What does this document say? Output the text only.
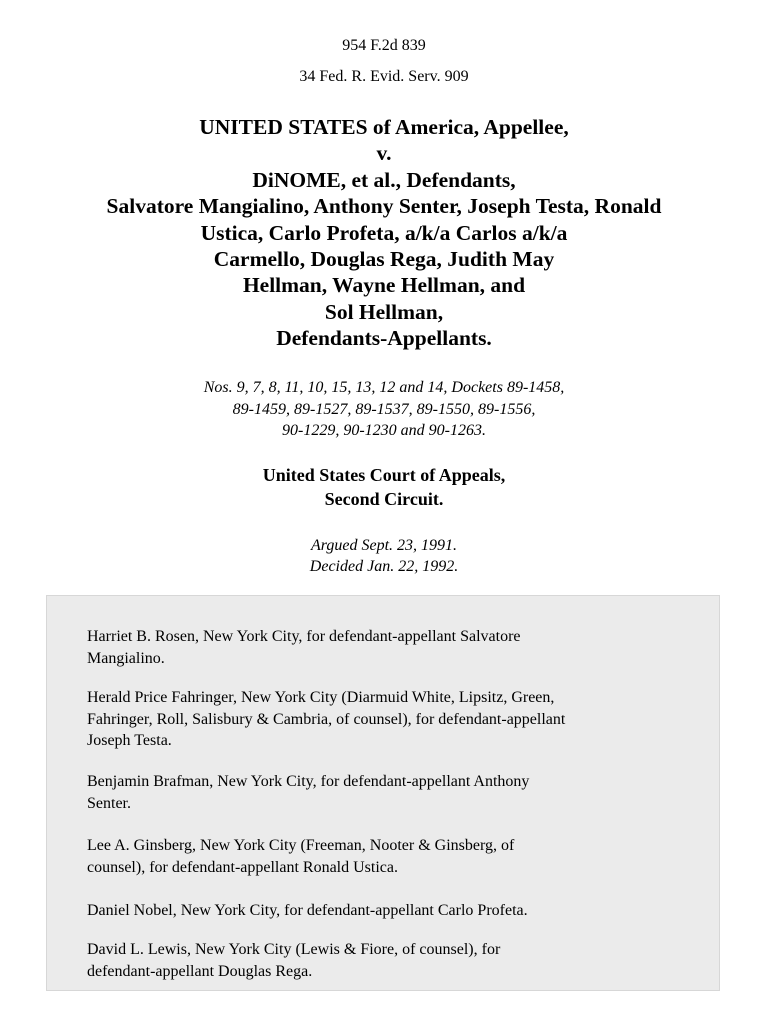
954 F.2d 839
34 Fed. R. Evid. Serv. 909
UNITED STATES of America, Appellee,
v.
DiNOME, et al., Defendants,
Salvatore Mangialino, Anthony Senter, Joseph Testa, Ronald
Ustica, Carlo Profeta, a/k/a Carlos a/k/a
Carmello, Douglas Rega, Judith May
Hellman, Wayne Hellman, and
Sol Hellman,
Defendants-Appellants.
Nos. 9, 7, 8, 11, 10, 15, 13, 12 and 14, Dockets 89-1458,
89-1459, 89-1527, 89-1537, 89-1550, 89-1556,
90-1229, 90-1230 and 90-1263.
United States Court of Appeals,
Second Circuit.
Argued Sept. 23, 1991.
Decided Jan. 22, 1992.
Harriet B. Rosen, New York City, for defendant-appellant Salvatore
Mangialino.
Herald Price Fahringer, New York City (Diarmuid White, Lipsitz, Green,
Fahringer, Roll, Salisbury & Cambria, of counsel), for defendant-appellant
Joseph Testa.
Benjamin Brafman, New York City, for defendant-appellant Anthony
Senter.
Lee A. Ginsberg, New York City (Freeman, Nooter & Ginsberg, of
counsel), for defendant-appellant Ronald Ustica.
Daniel Nobel, New York City, for defendant-appellant Carlo Profeta.
David L. Lewis, New York City (Lewis & Fiore, of counsel), for
defendant-appellant Douglas Rega.
